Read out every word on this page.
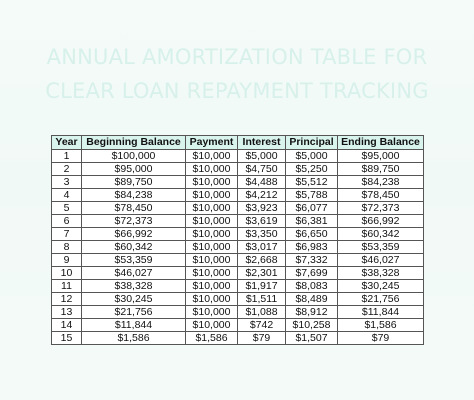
ANNUAL AMORTIZATION TABLE FOR
CLEAR LOAN REPAYMENT TRACKING
Year	Beginning Balance	Payment	Interest	Principal	Ending Balance
1	$100,000	$10,000	$5,000	$5,000	$95,000
2	$95,000	$10,000	$4,750	$5,250	$89,750
3	$89,750	$10,000	$4,488	$5,512	$84,238
4	$84,238	$10,000	$4,212	$5,788	$78,450
5	$78,450	$10,000	$3,923	$6,077	$72,373
6	$72,373	$10,000	$3,619	$6,381	$66,992
7	$66,992	$10,000	$3,350	$6,650	$60,342
8	$60,342	$10,000	$3,017	$6,983	$53,359
9	$53,359	$10,000	$2,668	$7,332	$46,027
10	$46,027	$10,000	$2,301	$7,699	$38,328
11	$38,328	$10,000	$1,917	$8,083	$30,245
12	$30,245	$10,000	$1,511	$8,489	$21,756
13	$21,756	$10,000	$1,088	$8,912	$11,844
14	$11,844	$10,000	$742	$10,258	$1,586
15	$1,586	$1,586	$79	$1,507	$79
